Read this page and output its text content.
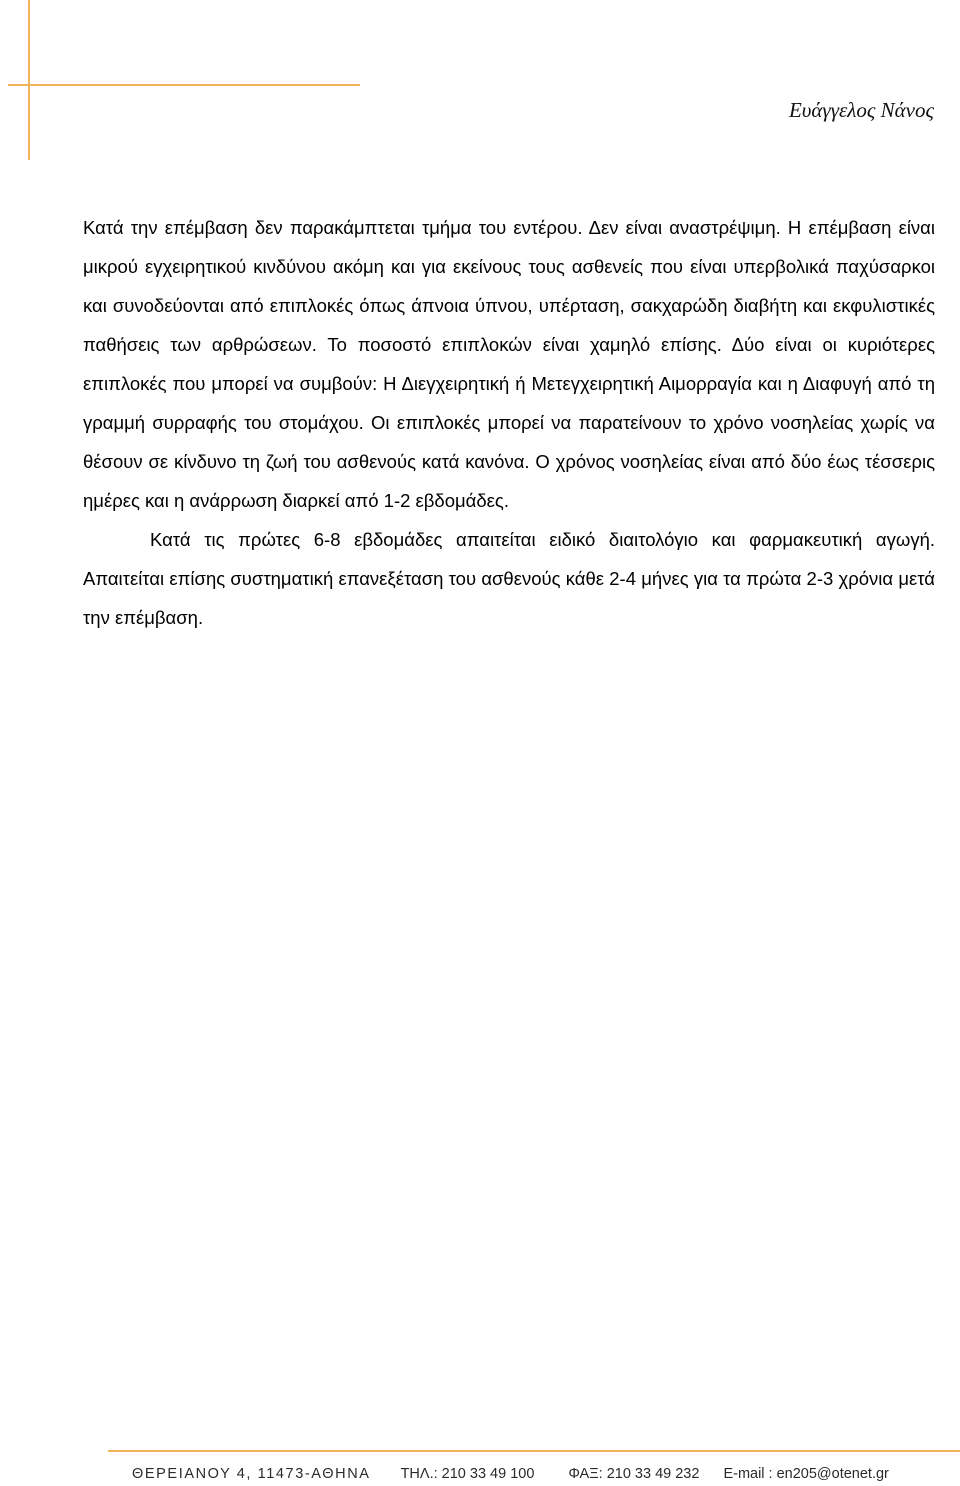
Ευάγγελος Νάνος

Κατά την επέμβαση δεν παρακάμπτεται τμήμα του εντέρου. Δεν είναι αναστρέψιμη. Η επέμβαση είναι μικρού εγχειρητικού κινδύνου ακόμη και για εκείνους τους ασθενείς που είναι υπερβολικά παχύσαρκοι και συνοδεύονται από επιπλοκές όπως άπνοια ύπνου, υπέρταση, σακχαρώδη διαβήτη και εκφυλιστικές παθήσεις των αρθρώσεων. Το ποσοστό επιπλοκών είναι χαμηλό επίσης. Δύο είναι οι κυριότερες επιπλοκές που μπορεί να συμβούν: Η Διεγχειρητική ή Μετεγχειρητική Αιμορραγία και η Διαφυγή από τη γραμμή συρραφής του στομάχου. Οι επιπλοκές μπορεί να παρατείνουν το χρόνο νοσηλείας χωρίς να θέσουν σε κίνδυνο τη ζωή του ασθενούς κατά κανόνα. Ο χρόνος νοσηλείας είναι από δύο έως τέσσερις ημέρες και η ανάρρωση διαρκεί από 1-2 εβδομάδες.

Κατά τις πρώτες 6-8 εβδομάδες απαιτείται ειδικό διαιτολόγιο και φαρμακευτική αγωγή. Απαιτείται επίσης συστηματική επανεξέταση του ασθενούς κάθε 2-4 μήνες για τα πρώτα 2-3 χρόνια μετά την επέμβαση.

ΘΕΡΕΙΑΝΟΥ 4, 11473-ΑΘΗΝΑ ΤΗΛ.: 210 33 49 100 ΦΑΞ: 210 33 49 232 E-mail : en205@otenet.gr
